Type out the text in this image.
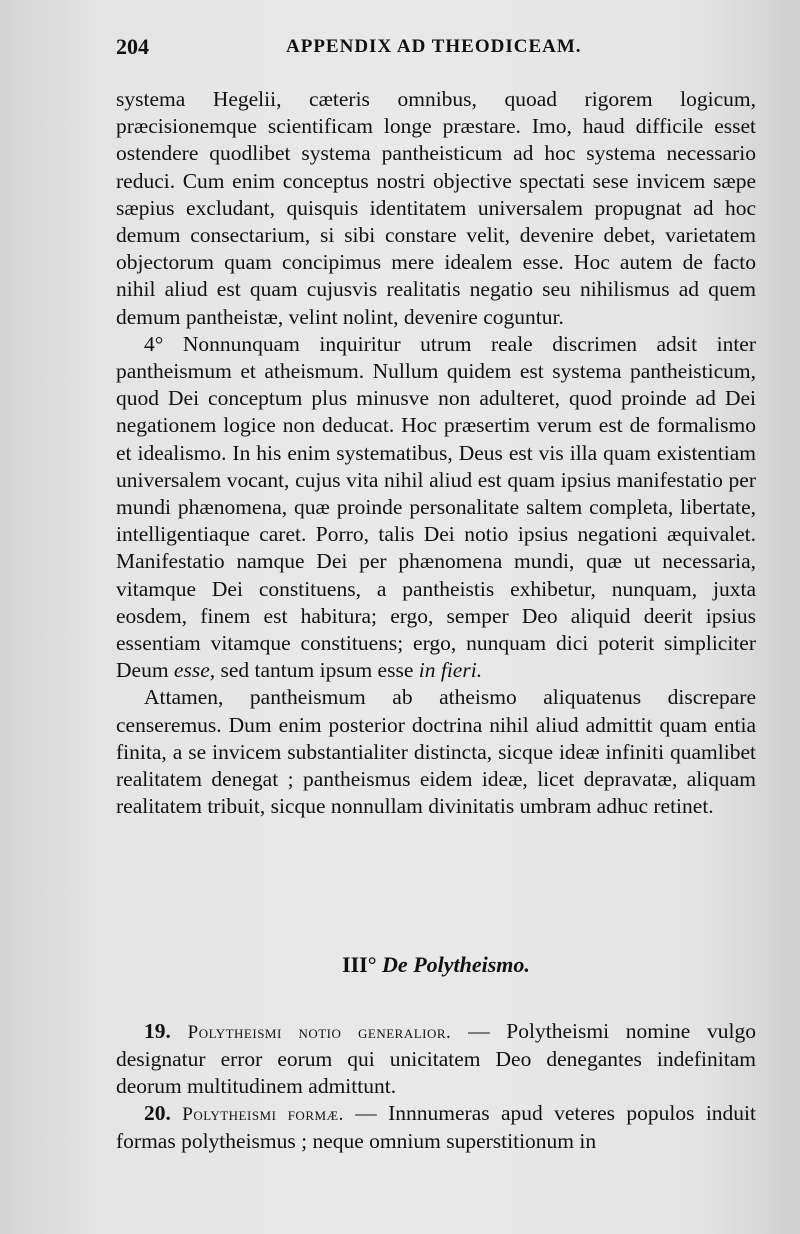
204	APPENDIX AD THEODICEAM.

systema Hegelii, cæteris omnibus, quoad rigorem logicum, præcisionemque scientificam longe præstare. Imo, haud difficile esset ostendere quodlibet systema pantheisticum ad hoc systema necessario reduci. Cum enim conceptus nostri objective spectati sese invicem sæpe sæpius excludant, quisquis identitatem universalem propugnat ad hoc demum consectarium, si sibi constare velit, devenire debet, varietatem objectorum quam concipimus mere idealem esse. Hoc autem de facto nihil aliud est quam cujusvis realitatis negatio seu nihilismus ad quem demum pantheistæ, velint nolint, devenire coguntur.

4° Nonnunquam inquiritur utrum reale discrimen adsit inter pantheismum et atheismum. Nullum quidem est systema pantheisticum, quod Dei conceptum plus minusve non adulteret, quod proinde ad Dei negationem logice non deducat. Hoc præsertim verum est de formalismo et idealismo. In his enim systematibus, Deus est vis illa quam existentiam universalem vocant, cujus vita nihil aliud est quam ipsius manifestatio per mundi phænomena, quæ proinde personalitate saltem completa, libertate, intelligentiaque caret. Porro, talis Dei notio ipsius negationi æquivalet. Manifestatio namque Dei per phænomena mundi, quæ ut necessaria, vitamque Dei constituens, a pantheistis exhibetur, nunquam, juxta eosdem, finem est habitura; ergo, semper Deo aliquid deerit ipsius essentiam vitamque constituens; ergo, nunquam dici poterit simpliciter Deum esse, sed tantum ipsum esse in fieri.

Attamen, pantheismum ab atheismo aliquatenus discrepare censeremus. Dum enim posterior doctrina nihil aliud admittit quam entia finita, a se invicem substantialiter distincta, sicque ideæ infiniti quamlibet realitatem denegat ; pantheismus eidem ideæ, licet depravatæ, aliquam realitatem tribuit, sicque nonnullam divinitatis umbram adhuc retinet.

III° De Polytheismo.

19. Polytheismi notio generalior. — Polytheismi nomine vulgo designatur error eorum qui unicitatem Deo denegantes indefinitam deorum multitudinem admittunt.

20. Polytheismi formæ. — Innnumeras apud veteres populos induit formas polytheismus ; neque omnium superstitionum in
